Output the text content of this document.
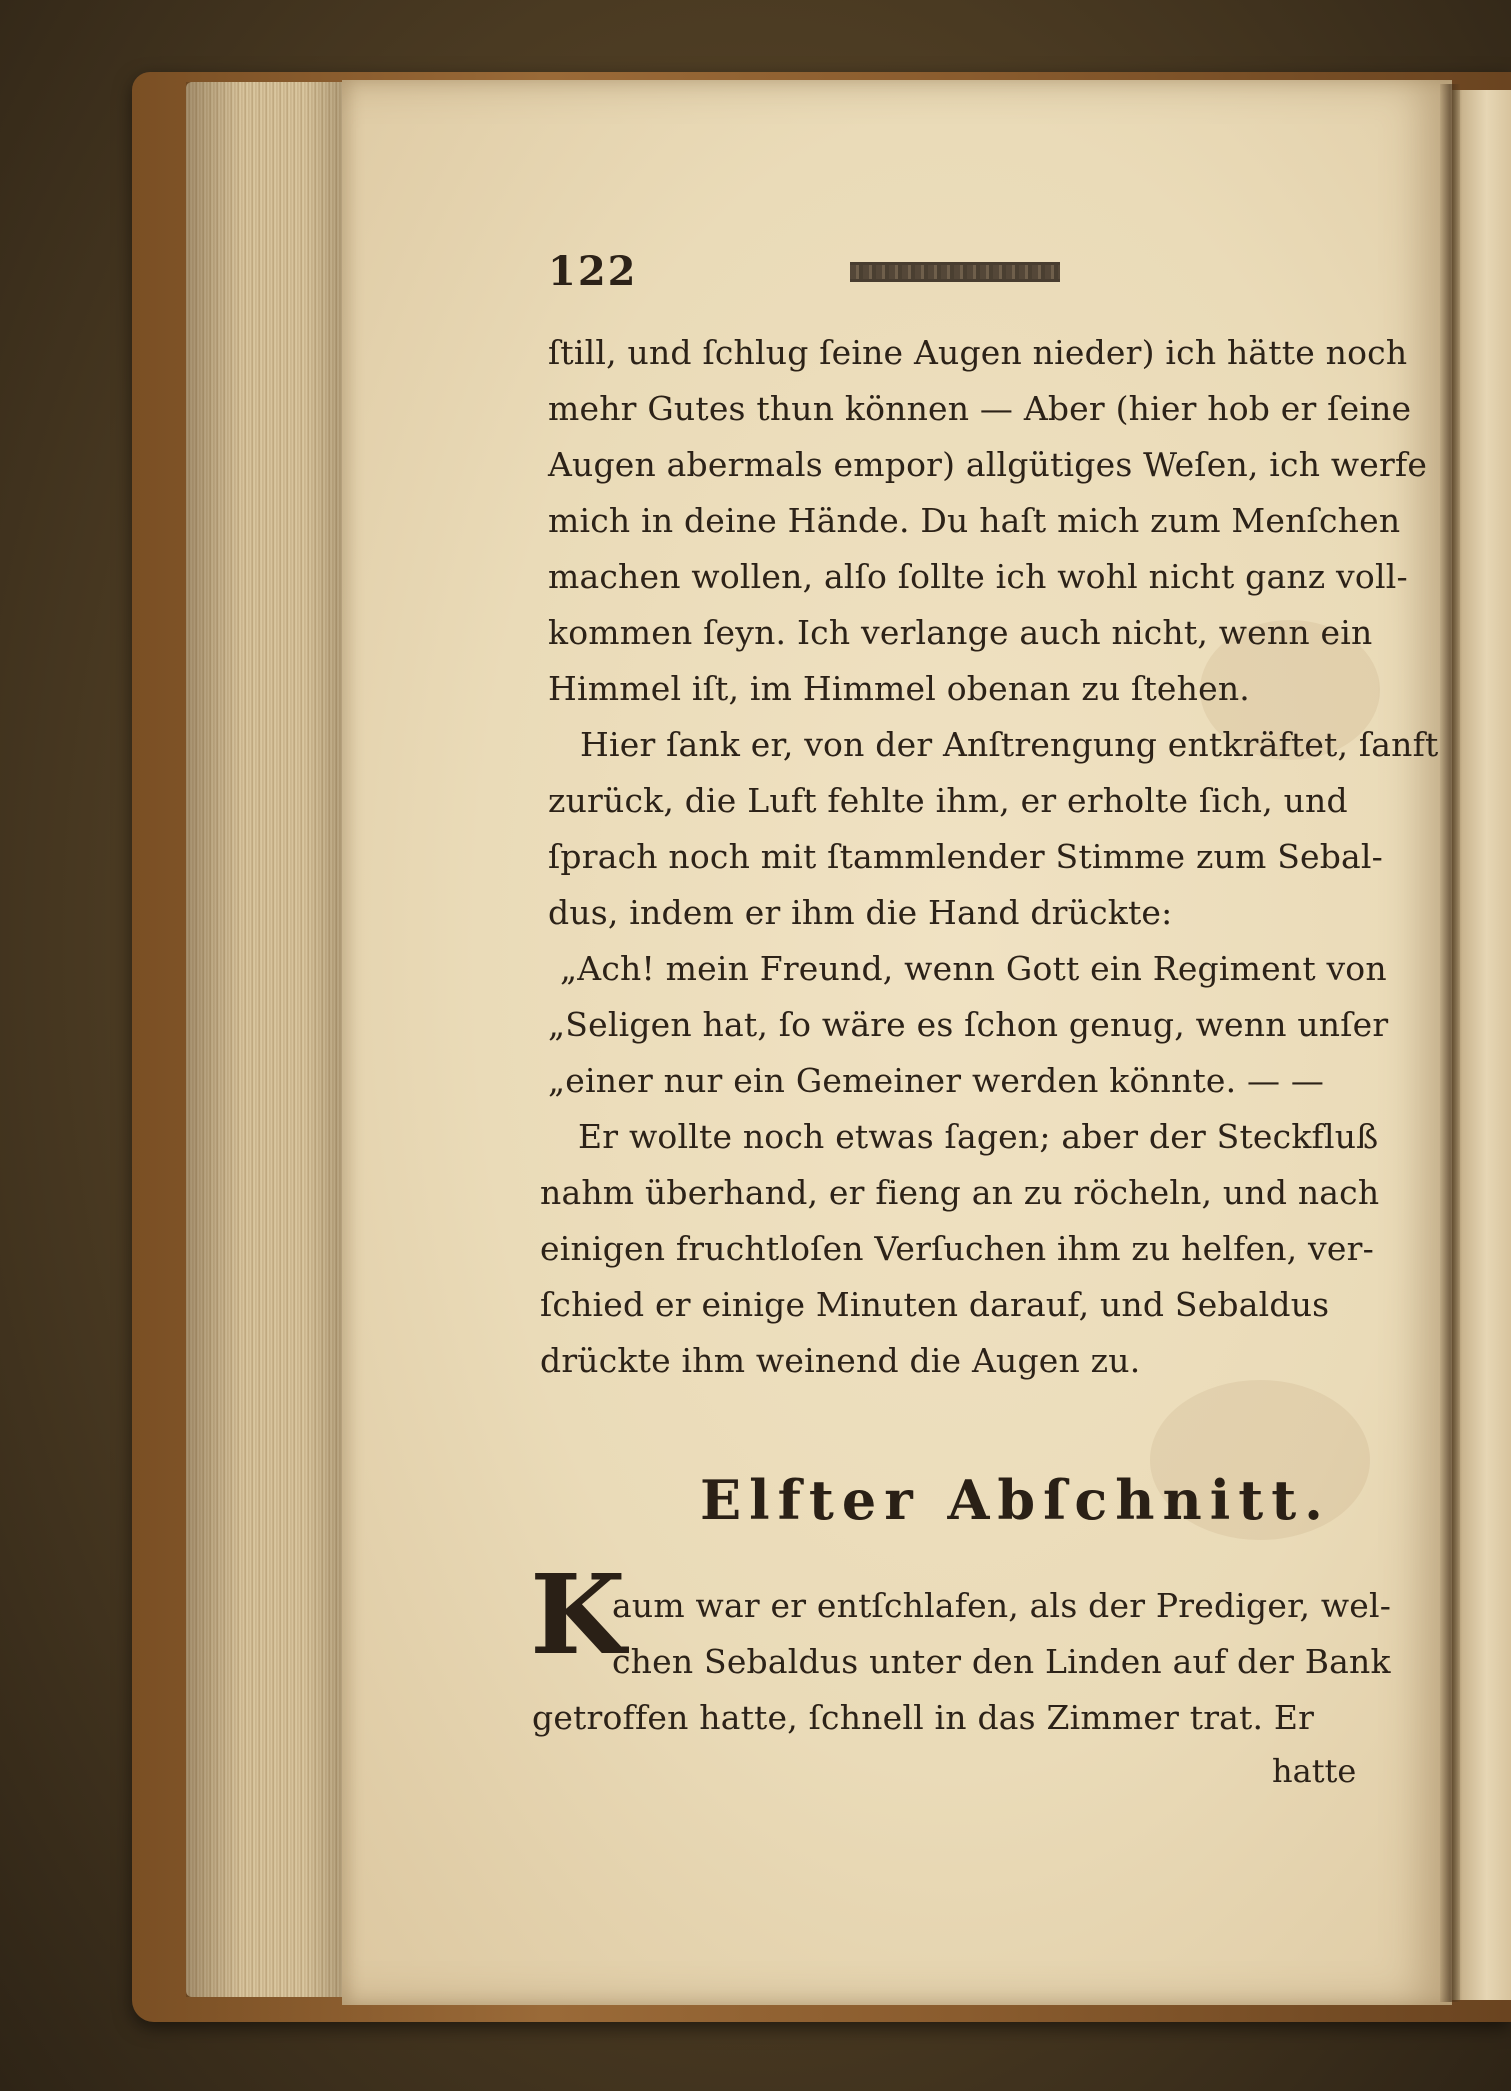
122
ſtill, und ſchlug ſeine Augen nieder) ich hätte noch
mehr Gutes thun können — Aber (hier hob er ſeine
Augen abermals empor) allgütiges Weſen, ich werfe
mich in deine Hände. Du haſt mich zum Menſchen
machen wollen, alſo ſollte ich wohl nicht ganz voll-
kommen ſeyn. Ich verlange auch nicht, wenn ein
Himmel iſt, im Himmel obenan zu ſtehen.
Hier ſank er, von der Anſtrengung entkräftet, ſanft
zurück, die Luft fehlte ihm, er erholte ſich, und
ſprach noch mit ſtammlender Stimme zum Sebal-
dus, indem er ihm die Hand drückte:
„Ach! mein Freund, wenn Gott ein Regiment von
„Seligen hat, ſo wäre es ſchon genug, wenn unſer
„einer nur ein Gemeiner werden könnte. — —
Er wollte noch etwas ſagen; aber der Steckfluß
nahm überhand, er fieng an zu röcheln, und nach
einigen fruchtloſen Verſuchen ihm zu helfen, ver-
ſchied er einige Minuten darauf, und Sebaldus
drückte ihm weinend die Augen zu.
Elfter Abſchnitt.
K
aum war er entſchlafen, als der Prediger, wel-
chen Sebaldus unter den Linden auf der Bank
getroffen hatte, ſchnell in das Zimmer trat. Er
hatte
